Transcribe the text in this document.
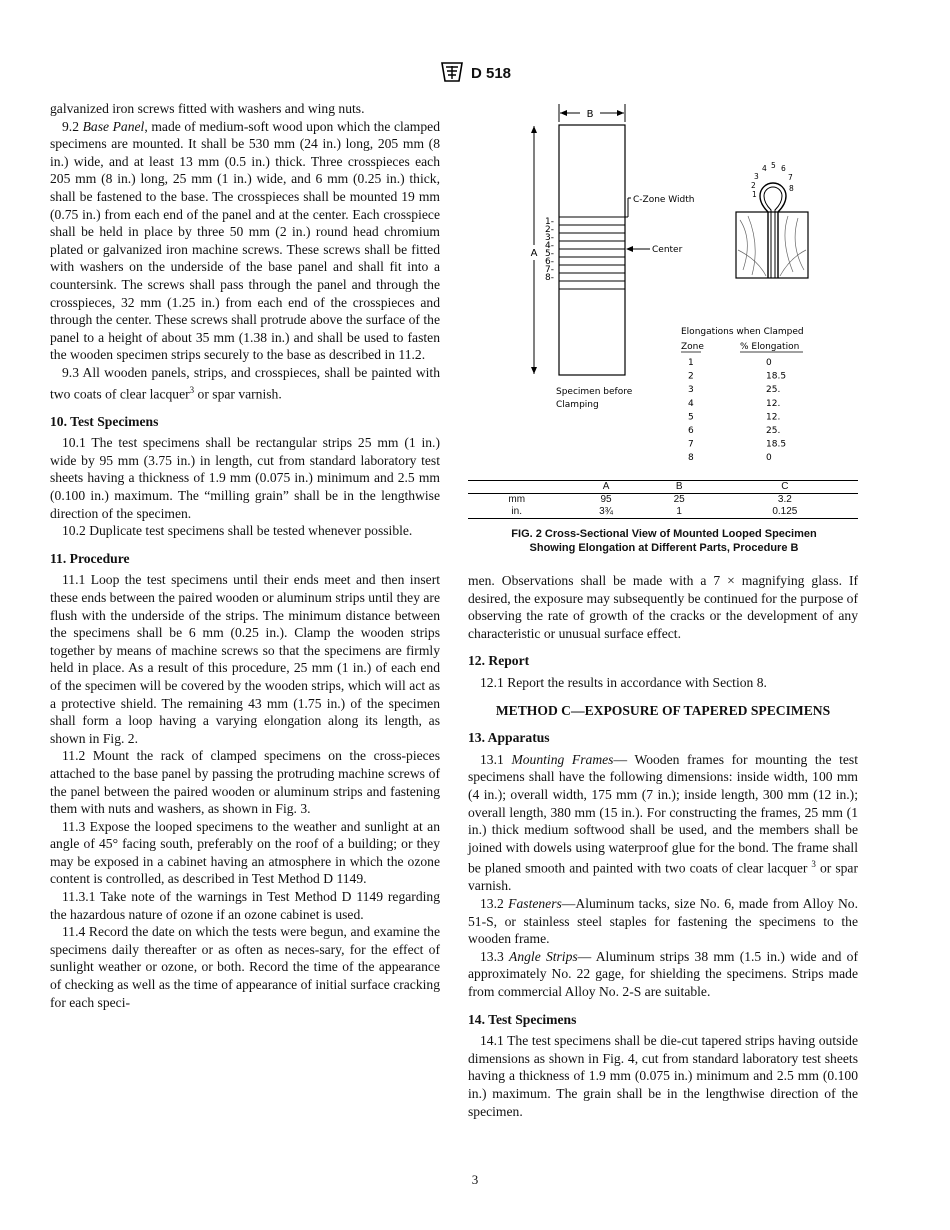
D 518

galvanized iron screws fitted with washers and wing nuts.

9.2 Base Panel, made of medium-soft wood upon which the clamped specimens are mounted. It shall be 530 mm (24 in.) long, 205 mm (8 in.) wide, and at least 13 mm (0.5 in.) thick. Three crosspieces each 205 mm (8 in.) long, 25 mm (1 in.) wide, and 6 mm (0.25 in.) thick, shall be fastened to the base. The crosspieces shall be mounted 19 mm (0.75 in.) from each end of the panel and at the center. Each crosspiece shall be held in place by three 50 mm (2 in.) round head chromium plated or galvanized iron machine screws. These screws shall be fitted with washers on the underside of the base panel and shall fit into a countersink. The screws shall pass through the panel and through the crosspieces, 32 mm (1.25 in.) from each end of the crosspieces and through the center. These screws shall protrude above the surface of the panel to a height of about 35 mm (1.38 in.) and shall be used to fasten the wooden specimen strips securely to the base as described in 11.2.

9.3 All wooden panels, strips, and crosspieces, shall be painted with two coats of clear lacquer$^3$ or spar varnish.

10. Test Specimens

10.1 The test specimens shall be rectangular strips 25 mm (1 in.) wide by 95 mm (3.75 in.) in length, cut from standard laboratory test sheets having a thickness of 1.9 mm (0.075 in.) minimum and 2.5 mm (0.100 in.) maximum. The “milling grain” shall be in the lengthwise direction of the specimen.

10.2 Duplicate test specimens shall be tested whenever possible.

11. Procedure

11.1 Loop the test specimens until their ends meet and then insert these ends between the paired wooden or aluminum strips until they are flush with the underside of the strips. The minimum distance between the specimens shall be 6 mm (0.25 in.). Clamp the wooden strips together by means of machine screws so that the specimens are firmly held in place. As a result of this procedure, 25 mm (1 in.) of each end of the specimen will be covered by the wooden strips, which will act as a protective shield. The remaining 43 mm (1.75 in.) of the specimen shall form a loop having a varying elongation along its length, as shown in Fig. 2.

11.2 Mount the rack of clamped specimens on the cross-pieces attached to the base panel by passing the protruding machine screws of the panel between the paired wooden or aluminum strips and fastening them with nuts and washers, as shown in Fig. 3.

11.3 Expose the looped specimens to the weather and sunlight at an angle of 45° facing south, preferably on the roof of a building; or they may be exposed in a cabinet having an atmosphere in which the ozone content is controlled, as described in Test Method D 1149.

11.3.1 Take note of the warnings in Test Method D 1149 regarding the hazardous nature of ozone if an ozone cabinet is used.

11.4 Record the date on which the tests were begun, and examine the specimens daily thereafter or as often as neces-sary, for the effect of sunlight weather or ozone, or both. Record the time of the appearance of checking as well as the time of appearance of initial surface cracking for each speci-

men. Observations shall be made with a 7 × magnifying glass. If desired, the exposure may subsequently be continued for the purpose of observing the rate of growth of the cracks or the development of any characteristic or unusual surface effect.

12. Report

12.1 Report the results in accordance with Section 8.

METHOD C—EXPOSURE OF TAPERED SPECIMENS
13. Apparatus

13.1 Mounting Frames— Wooden frames for mounting the test specimens shall have the following dimensions: inside width, 100 mm (4 in.); overall width, 175 mm (7 in.); inside length, 300 mm (12 in.); overall length, 380 mm (15 in.). For constructing the frames, 25 mm (1 in.) thick medium softwood shall be used, and the members shall be joined with dowels using waterproof glue for the bond. The frame shall be planed smooth and painted with two coats of clear lacquer $^3$ or spar varnish.

13.2 Fasteners—Aluminum tacks, size No. 6, made from Alloy No. 51-S, or stainless steel staples for fastening the specimens to the wooden frame.

13.3 Angle Strips— Aluminum strips 38 mm (1.5 in.) wide and of approximately No. 22 gage, for shielding the specimens. Strips made from commercial Alloy No. 2-S are suitable.

14. Test Specimens

14.1 The test specimens shall be die-cut tapered strips having outside dimensions as shown in Fig. 4, cut from standard laboratory test sheets having a thickness of 1.9 mm (0.075 in.) minimum and 2.5 mm (0.100 in.) maximum. The grain shall be in the lengthwise direction of the specimen.

B
A
1-
2-
3-
4-
5-
6-
7-
8-
C-Zone Width
Center
Specimen before
Clamping
1
2
3
4 5 6
7
8
Elongations when Clamped
Zone	% Elongation
1	0
2	18.5
3	25.
4	12.
5	12.
6	25.
7	18.5
8	0
	A	B	C
mm	95	25	3.2
in.	3¾	1	0.125
FIG. 2 Cross-Sectional View of Mounted Looped Specimen
Showing Elongation at Different Parts, Procedure B
3
